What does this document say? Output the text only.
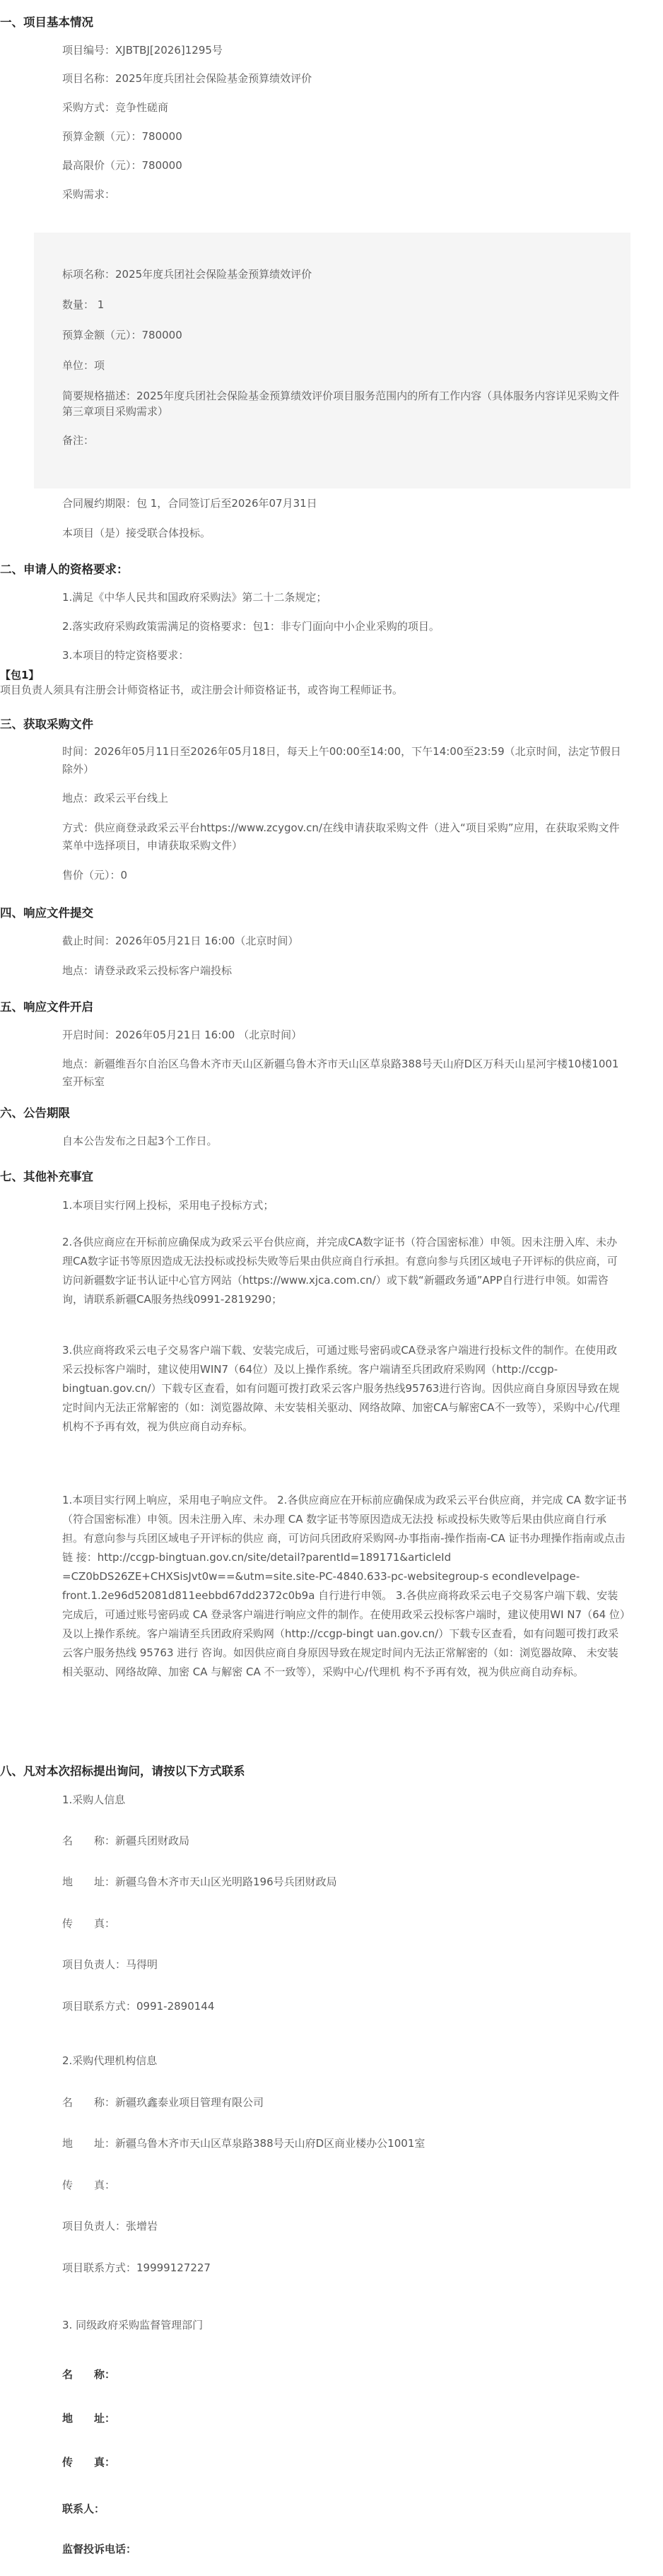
一、项目基本情况
项目编号：XJBTBJ[2026]1295号
项目名称：2025年度兵团社会保险基金预算绩效评价
采购方式：竞争性磋商
预算金额（元）：780000
最高限价（元）：780000
采购需求：
标项名称：2025年度兵团社会保险基金预算绩效评价
数量： 1
预算金额（元）：780000
单位：项
简要规格描述：2025年度兵团社会保险基金预算绩效评价项目服务范围内的所有工作内容（具体服务内容详见采购文件第三章项目采购需求）
备注：
合同履约期限：包 1，合同签订后至2026年07月31日
本项目（是）接受联合体投标。
二、申请人的资格要求：
1.满足《中华人民共和国政府采购法》第二十二条规定；
2.落实政府采购政策需满足的资格要求：包1：非专门面向中小企业采购的项目。
3.本项目的特定资格要求：
【包1】
项目负责人须具有注册会计师资格证书，或注册会计师资格证书，或咨询工程师证书。
三、获取采购文件
时间：2026年05月11日至2026年05月18日，每天上午00:00至14:00，下午14:00至23:59（北京时间，法定节假日除外）
地点：政采云平台线上
方式：供应商登录政采云平台https://www.zcygov.cn/在线申请获取采购文件（进入“项目采购”应用，在获取采购文件菜单中选择项目，申请获取采购文件）
售价（元）：0
四、响应文件提交
截止时间：2026年05月21日 16:00（北京时间）
地点：请登录政采云投标客户端投标
五、响应文件开启
开启时间：2026年05月21日 16:00 （北京时间）
地点：新疆维吾尔自治区乌鲁木齐市天山区新疆乌鲁木齐市天山区草泉路388号天山府D区万科天山星河宇楼10楼1001室开标室
六、公告期限
自本公告发布之日起3个工作日。
七、其他补充事宜
1.本项目实行网上投标，采用电子投标方式；
2.各供应商应在开标前应确保成为政采云平台供应商，并完成CA数字证书（符合国密标准）申领。因未注册入库、未办理CA数字证书等原因造成无法投标或投标失败等后果由供应商自行承担。有意向参与兵团区域电子开评标的供应商，可访问新疆数字证书认证中心官方网站（https://www.xjca.com.cn/）或下载“新疆政务通”APP自行进行申领。如需咨询，请联系新疆CA服务热线0991-2819290；
3.供应商将政采云电子交易客户端下载、安装完成后，可通过账号密码或CA登录客户端进行投标文件的制作。在使用政采云投标客户端时，建议使用WIN7（64位）及以上操作系统。客户端请至兵团政府采购网（http://ccgp-bingtuan.gov.cn/）下载专区查看，如有问题可拨打政采云客户服务热线95763进行咨询。因供应商自身原因导致在规定时间内无法正常解密的（如：浏览器故障、未安装相关驱动、网络故障、加密CA与解密CA不一致等），采购中心/代理机构不予再有效，视为供应商自动弃标。
1.本项目实行网上响应，采用电子响应文件。 2.各供应商应在开标前应确保成为政采云平台供应商，并完成 CA 数字证书 （符合国密标准）申领。因未注册入库、未办理 CA 数字证书等原因造成无法投 标或投标失败等后果由供应商自行承担。有意向参与兵团区域电子开评标的供应 商，可访问兵团政府采购网-办事指南-操作指南-CA 证书办理操作指南或点击链 接：http://ccgp-bingtuan.gov.cn/site/detail?parentId=189171&articleId =CZ0bDS26ZE+CHXSisJvt0w==&utm=site.site-PC-4840.633-pc-websitegroup-s econdlevelpage-front.1.2e96d52081d811eebbd67dd2372c0b9a 自行进行申领。 3.各供应商将政采云电子交易客户端下载、安装完成后，可通过账号密码或 CA 登录客户端进行响应文件的制作。在使用政采云投标客户端时，建议使用WI N7（64 位）及以上操作系统。客户端请至兵团政府采购网（http://ccgp-bingt uan.gov.cn/）下载专区查看，如有问题可拨打政采云客户服务热线 95763 进行 咨询。如因供应商自身原因导致在规定时间内无法正常解密的（如：浏览器故障、 未安装相关驱动、网络故障、加密 CA 与解密 CA 不一致等），采购中心/代理机 构不予再有效，视为供应商自动弃标。
八、凡对本次招标提出询问，请按以下方式联系
1.采购人信息
名　　称：新疆兵团财政局
地　　址：新疆乌鲁木齐市天山区光明路196号兵团财政局
传　　真：
项目负责人：马得明
项目联系方式：0991-2890144
2.采购代理机构信息
名　　称：新疆玖鑫泰业项目管理有限公司
地　　址：新疆乌鲁木齐市天山区草泉路388号天山府D区商业楼办公1001室
传　　真：
项目负责人：张增岩
项目联系方式：19999127227
3. 同级政府采购监督管理部门
名　　称：
地　　址：
传　　真：
联系人：
监督投诉电话：
